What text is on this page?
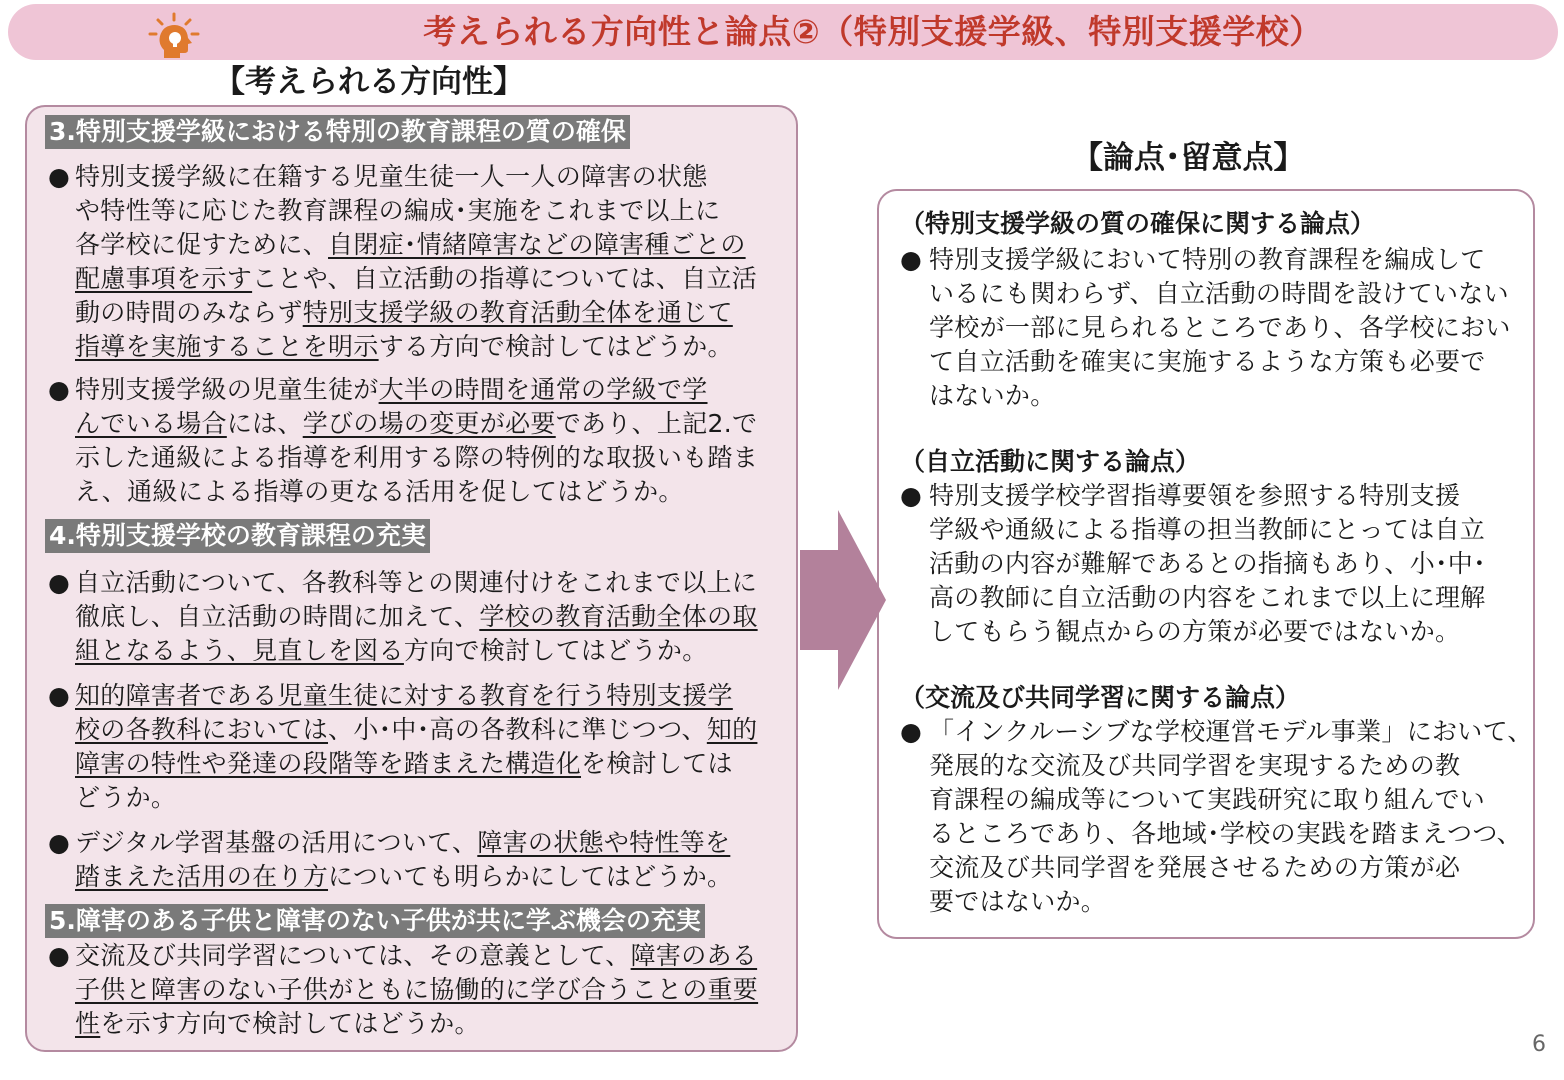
考えられる方向性と論点②（特別支援学級、特別支援学校）
【考えられる方向性】
【論点･留意点】
3.特別支援学級における特別の教育課程の質の確保
● 特別支援学級に在籍する児童生徒一人一人の障害の状態
や特性等に応じた教育課程の編成･実施をこれまで以上に
各学校に促すために、自閉症･情緒障害などの障害種ごとの
配慮事項を示すことや、自立活動の指導については、自立活
動の時間のみならず特別支援学級の教育活動全体を通じて
指導を実施することを明示する方向で検討してはどうか。
● 特別支援学級の児童生徒が大半の時間を通常の学級で学
んでいる場合には、学びの場の変更が必要であり、上記2.で
示した通級による指導を利用する際の特例的な取扱いも踏ま
え、通級による指導の更なる活用を促してはどうか。
4.特別支援学校の教育課程の充実
● 自立活動について、各教科等との関連付けをこれまで以上に
徹底し、自立活動の時間に加えて、学校の教育活動全体の取
組となるよう、見直しを図る方向で検討してはどうか。
● 知的障害者である児童生徒に対する教育を行う特別支援学
校の各教科においては、小･中･高の各教科に準じつつ、知的
障害の特性や発達の段階等を踏まえた構造化を検討しては
どうか。
● デジタル学習基盤の活用について、障害の状態や特性等を
踏まえた活用の在り方についても明らかにしてはどうか。
5.障害のある子供と障害のない子供が共に学ぶ機会の充実
● 交流及び共同学習については、その意義として、障害のある
子供と障害のない子供がともに協働的に学び合うことの重要
性を示す方向で検討してはどうか。
（特別支援学級の質の確保に関する論点）
● 特別支援学級において特別の教育課程を編成して
いるにも関わらず、自立活動の時間を設けていない
学校が一部に見られるところであり、各学校におい
て自立活動を確実に実施するような方策も必要で
はないか。
（自立活動に関する論点）
● 特別支援学校学習指導要領を参照する特別支援
学級や通級による指導の担当教師にとっては自立
活動の内容が難解であるとの指摘もあり、小･中･
高の教師に自立活動の内容をこれまで以上に理解
してもらう観点からの方策が必要ではないか。
（交流及び共同学習に関する論点）
● 「インクルーシブな学校運営モデル事業」において、
発展的な交流及び共同学習を実現するための教
育課程の編成等について実践研究に取り組んでい
るところであり、各地域･学校の実践を踏まえつつ、
交流及び共同学習を発展させるための方策が必
要ではないか。
6
